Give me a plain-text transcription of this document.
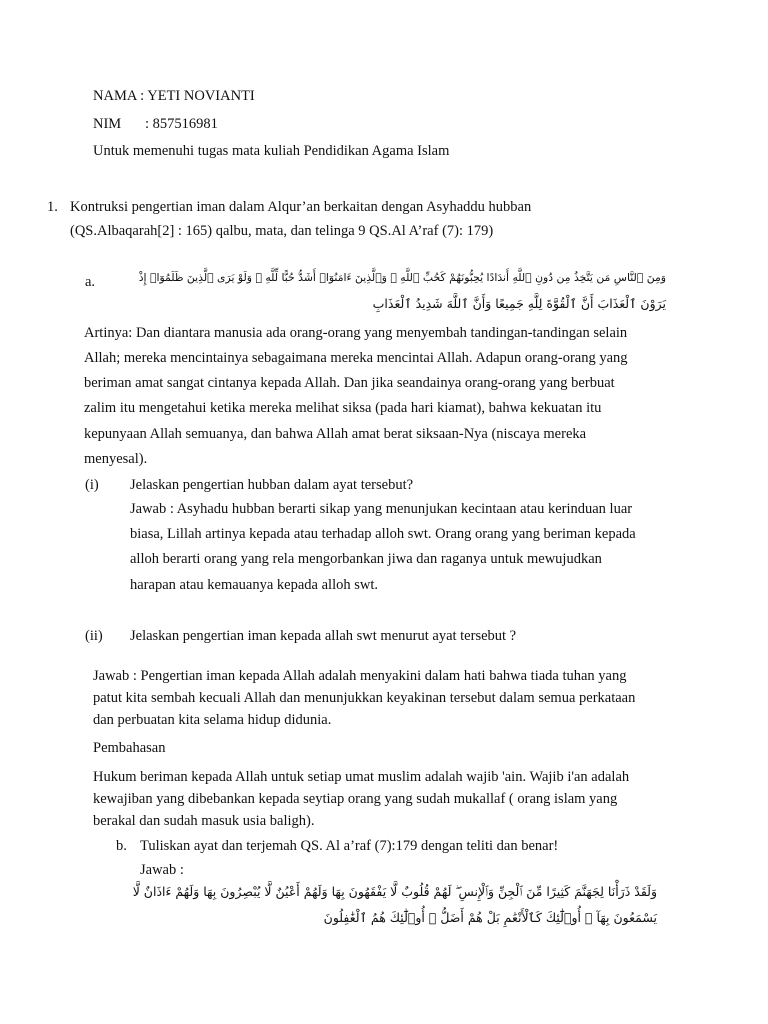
NAMA : YETI NOVIANTI
NIM : 857516981
Untuk memenuhi tugas mata kuliah Pendidikan Agama Islam
1. Kontruksi pengertian iman dalam Alqur’an berkaitan dengan Asyhaddu hubban
(QS.Albaqarah[2] : 165) qalbu, mata, dan telinga 9 QS.Al A’raf (7): 179)
a.	وَمِنَ ٱلنَّاسِ مَن يَتَّخِذُ مِن دُونِ ٱللَّهِ أَندَادًا يُحِبُّونَهُمْ كَحُبِّ ٱللَّهِ ۖ وَٱلَّذِينَ ءَامَنُوٓا۟ أَشَدُّ حُبًّا لِّلَّهِ ۗ وَلَوْ يَرَى ٱلَّذِينَ ظَلَمُوٓا۟ إِذْ
يَرَوْنَ ٱلْعَذَابَ أَنَّ ٱلْقُوَّةَ لِلَّهِ جَمِيعًا وَأَنَّ ٱللَّهَ شَدِيدُ ٱلْعَذَابِ
Artinya: Dan diantara manusia ada orang-orang yang menyembah tandingan-tandingan selain
Allah; mereka mencintainya sebagaimana mereka mencintai Allah. Adapun orang-orang yang
beriman amat sangat cintanya kepada Allah. Dan jika seandainya orang-orang yang berbuat
zalim itu mengetahui ketika mereka melihat siksa (pada hari kiamat), bahwa kekuatan itu
kepunyaan Allah semuanya, dan bahwa Allah amat berat siksaan-Nya (niscaya mereka
menyesal).
(i) Jelaskan pengertian hubban dalam ayat tersebut?
Jawab : Asyhadu hubban berarti sikap yang menunjukan kecintaan atau kerinduan luar
biasa, Lillah artinya kepada atau terhadap alloh swt. Orang orang yang beriman kepada
alloh berarti orang yang rela mengorbankan jiwa dan raganya untuk mewujudkan
harapan atau kemauanya kepada alloh swt.
(ii) Jelaskan pengertian iman kepada allah swt menurut ayat tersebut ?
Jawab : Pengertian iman kepada Allah adalah menyakini dalam hati bahwa tiada tuhan yang
patut kita sembah kecuali Allah dan menunjukkan keyakinan tersebut dalam semua perkataan
dan perbuatan kita selama hidup didunia.
Pembahasan
Hukum beriman kepada Allah untuk setiap umat muslim adalah wajib 'ain. Wajib i'an adalah
kewajiban yang dibebankan kepada seytiap orang yang sudah mukallaf ( orang islam yang
berakal dan sudah masuk usia baligh).
b. Tuliskan ayat dan terjemah QS. Al a’raf (7):179 dengan teliti dan benar!
Jawab :
وَلَقَدْ ذَرَأْنَا لِجَهَنَّمَ كَثِيرًا مِّنَ ٱلْجِنِّ وَٱلْإِنسِ ۖ لَهُمْ قُلُوبٌ لَّا يَفْقَهُونَ بِهَا وَلَهُمْ أَعْيُنٌ لَّا يُبْصِرُونَ بِهَا وَلَهُمْ ءَاذَانٌ لَّا
يَسْمَعُونَ بِهَآ ۚ أُو۟لَٰٓئِكَ كَٱلْأَنْعَٰمِ بَلْ هُمْ أَضَلُّ ۚ أُو۟لَٰٓئِكَ هُمُ ٱلْغَٰفِلُونَ
